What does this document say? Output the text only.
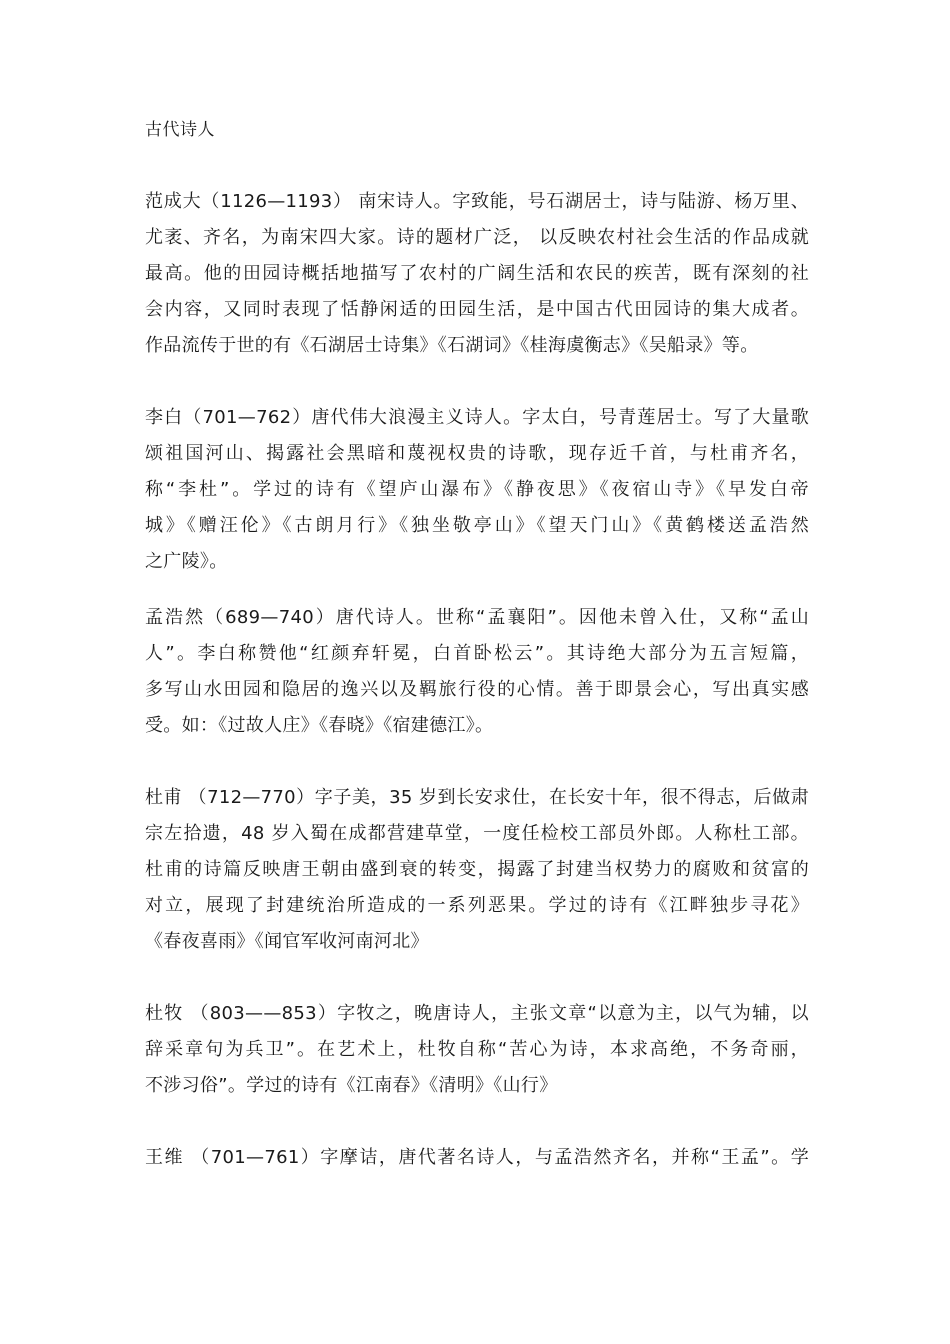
古代诗人
范成大（1126—1193） 南宋诗人。字致能，号石湖居士，诗与陆游、杨万里、
尤袤、齐名，为南宋四大家。诗的题材广泛， 以反映农村社会生活的作品成就
最高。他的田园诗概括地描写了农村的广阔生活和农民的疾苦，既有深刻的社
会内容，又同时表现了恬静闲适的田园生活，是中国古代田园诗的集大成者。
作品流传于世的有《石湖居士诗集》《石湖词》《桂海虞衡志》《吴船录》等。
李白（701—762）唐代伟大浪漫主义诗人。字太白，号青莲居士。写了大量歌
颂祖国河山、揭露社会黑暗和蔑视权贵的诗歌，现存近千首，与杜甫齐名，
称“李杜”。学过的诗有《望庐山瀑布》《静夜思》《夜宿山寺》《早发白帝
城》《赠汪伦》《古朗月行》《独坐敬亭山》《望天门山》《黄鹤楼送孟浩然
之广陵》。
孟浩然（689—740）唐代诗人。世称“孟襄阳”。因他未曾入仕，又称“孟山
人”。李白称赞他“红颜弃轩冕，白首卧松云”。其诗绝大部分为五言短篇，
多写山水田园和隐居的逸兴以及羁旅行役的心情。善于即景会心，写出真实感
受。如：《过故人庄》《春晓》《宿建德江》。
杜甫 （712—770）字子美，35 岁到长安求仕，在长安十年，很不得志，后做肃
宗左拾遗，48 岁入蜀在成都营建草堂，一度任检校工部员外郎。人称杜工部。
杜甫的诗篇反映唐王朝由盛到衰的转变，揭露了封建当权势力的腐败和贫富的
对立，展现了封建统治所造成的一系列恶果。学过的诗有《江畔独步寻花》
《春夜喜雨》《闻官军收河南河北》
杜牧 （803——853）字牧之，晚唐诗人，主张文章“以意为主，以气为辅，以
辞采章句为兵卫”。在艺术上，杜牧自称“苦心为诗，本求高绝，不务奇丽，
不涉习俗”。学过的诗有《江南春》《清明》《山行》
王维 （701—761）字摩诘，唐代著名诗人，与孟浩然齐名，并称“王孟”。学
